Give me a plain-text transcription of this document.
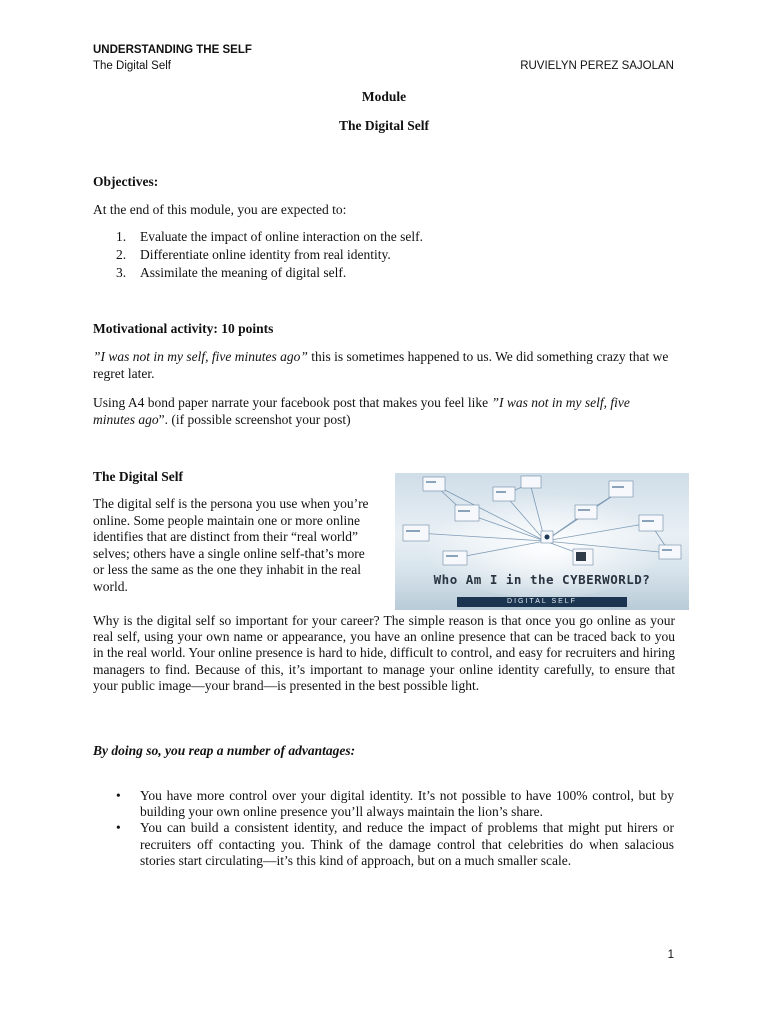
UNDERSTANDING THE SELF
The Digital Self	RUVIELYN PEREZ SAJOLAN
Module
The Digital Self
Objectives:
At the end of this module, you are expected to:
1.	Evaluate the impact of online interaction on the self.
2.	Differentiate online identity from real identity.
3.	Assimilate the meaning of digital self.
Motivational activity: 10 points
”I was not in my self, five minutes ago” this is sometimes happened to us. We did something crazy that we regret later.
Using A4 bond paper narrate your facebook post that makes you feel like ”I was not in my self, five minutes ago”. (if possible screenshot your post)
The Digital Self
The digital self is the persona you use when you’re online. Some people maintain one or more online identifies that are distinct from their “real world” selves; others have a single online self-that’s more or less the same as the one they inhabit in the real world.	Who Am I in the CYBERWORLD?
DIGITAL SELF
Why is the digital self so important for your career? The simple reason is that once you go online as your real self, using your own name or appearance, you have an online presence that can be traced back to you in the real world. Your online presence is hard to hide, difficult to control, and easy for recruiters and hiring managers to find. Because of this, it’s important to manage your online identity carefully, to ensure that your public image—your brand—is presented in the best possible light.
By doing so, you reap a number of advantages:
• You have more control over your digital identity. It’s not possible to have 100% control, but by building your own online presence you’ll always maintain the lion’s share.
• You can build a consistent identity, and reduce the impact of problems that might put hirers or recruiters off contacting you. Think of the damage control that celebrities do when salacious stories start circulating—it’s this kind of approach, but on a much smaller scale.
1
